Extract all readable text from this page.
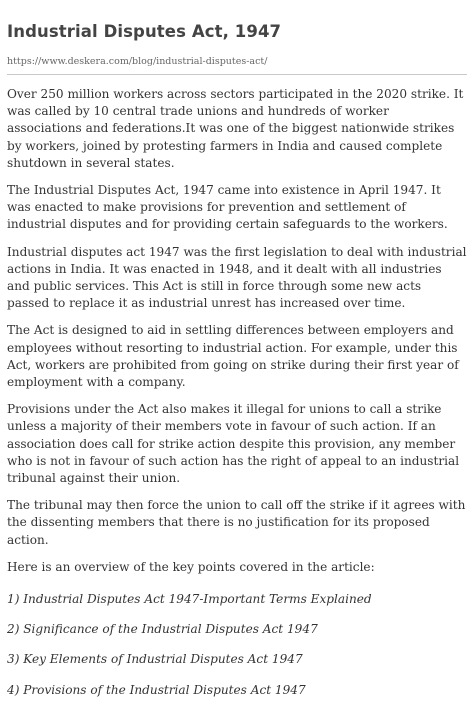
Industrial Disputes Act, 1947
https://www.deskera.com/blog/industrial-disputes-act/

Over 250 million workers across sectors participated in the 2020 strike. It was called by 10 central trade unions and hundreds of worker associations and federations.It was one of the biggest nationwide strikes by workers, joined by protesting farmers in India and caused complete shutdown in several states.

The Industrial Disputes Act, 1947 came into existence in April 1947. It was enacted to make provisions for prevention and settlement of industrial disputes and for providing certain safeguards to the workers.

Industrial disputes act 1947 was the first legislation to deal with industrial actions in India. It was enacted in 1948, and it dealt with all industries and public services. This Act is still in force through some new acts passed to replace it as industrial unrest has increased over time.

The Act is designed to aid in settling differences between employers and employees without resorting to industrial action. For example, under this Act, workers are prohibited from going on strike during their first year of employment with a company.

Provisions under the Act also makes it illegal for unions to call a strike unless a majority of their members vote in favour of such action. If an association does call for strike action despite this provision, any member who is not in favour of such action has the right of appeal to an industrial tribunal against their union.

The tribunal may then force the union to call off the strike if it agrees with the dissenting members that there is no justification for its proposed action.

Here is an overview of the key points covered in the article:

1) Industrial Disputes Act 1947-Important Terms Explained

2) Significance of the Industrial Disputes Act 1947

3) Key Elements of Industrial Disputes Act 1947

4) Provisions of the Industrial Disputes Act 1947
